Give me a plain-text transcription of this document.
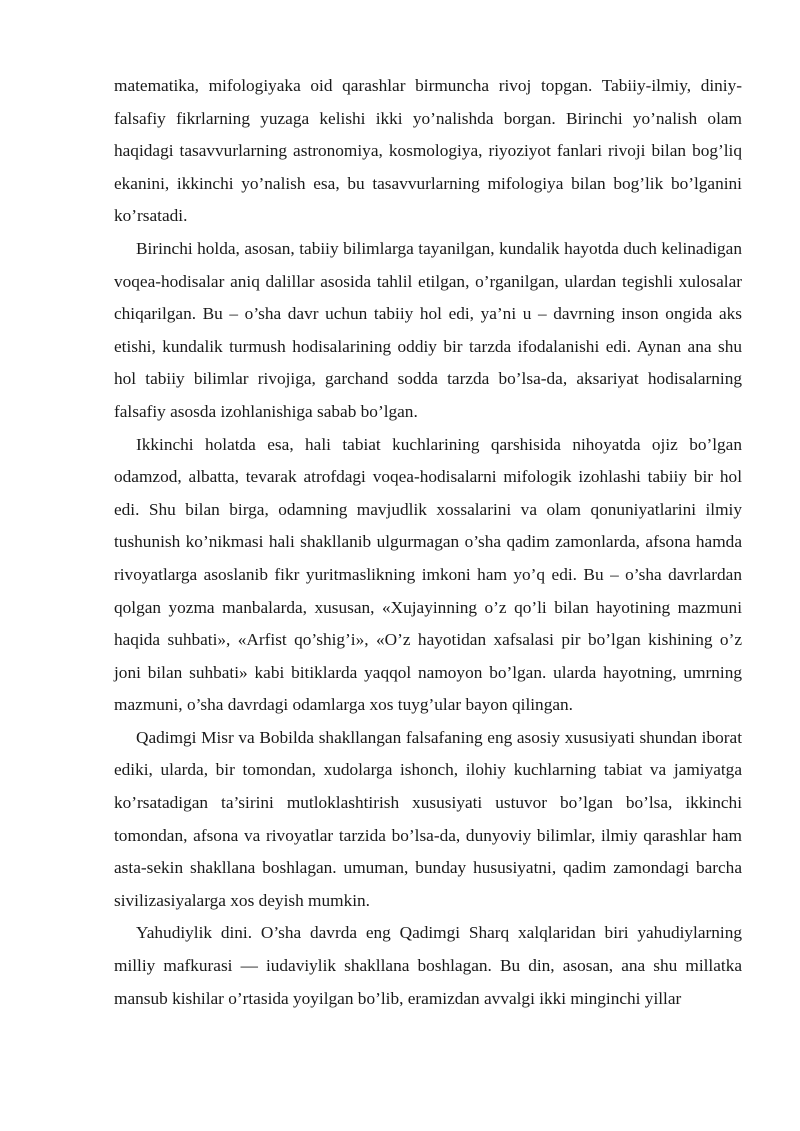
matematika, mifologiyaka oid qarashlar birmuncha rivoj topgan. Tabiiy-ilmiy, diniy-falsafiy fikrlarning yuzaga kelishi ikki yo’nalishda borgan. Birinchi yo’nalish olam haqidagi tasavvurlarning astronomiya, kosmologiya, riyoziyot fanlari rivoji bilan bog’liq ekanini, ikkinchi yo’nalish esa, bu tasavvurlarning mifologiya bilan bog’lik bo’lganini ko’rsatadi.

Birinchi holda, asosan, tabiiy bilimlarga tayanilgan, kundalik hayotda duch kelinadigan voqea-hodisalar aniq dalillar asosida tahlil etilgan, o’rganilgan, ulardan tegishli xulosalar chiqarilgan. Bu – o’sha davr uchun tabiiy hol edi, ya’ni u – davrning inson ongida aks etishi, kundalik turmush hodisalarining oddiy bir tarzda ifodalanishi edi. Aynan ana shu hol tabiiy bilimlar rivojiga, garchand sodda tarzda bo’lsa-da, aksariyat hodisalarning falsafiy asosda izohlanishiga sabab bo’lgan.

Ikkinchi holatda esa, hali tabiat kuchlarining qarshisida nihoyatda ojiz bo’lgan odamzod, albatta, tevarak atrofdagi voqea-hodisalarni mifologik izohlashi tabiiy bir hol edi. Shu bilan birga, odamning mavjudlik xossalarini va olam qonuniyatlarini ilmiy tushunish ko’nikmasi hali shakllanib ulgurmagan o’sha qadim zamonlarda, afsona hamda rivoyatlarga asoslanib fikr yuritmaslikning imkoni ham yo’q edi. Bu – o’sha davrlardan qolgan yozma manbalarda, xususan, «Xujayinning o’z qo’li bilan hayotining mazmuni haqida suhbati», «Arfist qo’shig’i», «O’z hayotidan xafsalasi pir bo’lgan kishining o’z joni bilan suhbati» kabi bitiklarda yaqqol namoyon bo’lgan. ularda hayotning, umrning mazmuni, o’sha davrdagi odamlarga xos tuyg’ular bayon qilingan.

Qadimgi Misr va Bobilda shakllangan falsafaning eng asosiy xususiyati shundan iborat ediki, ularda, bir tomondan, xudolarga ishonch, ilohiy kuchlarning tabiat va jamiyatga ko’rsatadigan ta’sirini mutloklashtirish xususiyati ustuvor bo’lgan bo’lsa, ikkinchi tomondan, afsona va rivoyatlar tarzida bo’lsa-da, dunyoviy bilimlar, ilmiy qarashlar ham asta-sekin shakllana boshlagan. umuman, bunday hususiyatni, qadim zamondagi barcha sivilizasiyalarga xos deyish mumkin.

Yahudiylik dini. O’sha davrda eng Qadimgi Sharq xalqlaridan biri yahudiylarning milliy mafkurasi — iudaviylik shakllana boshlagan. Bu din, asosan, ana shu millatka mansub kishilar o’rtasida yoyilgan bo’lib, eramizdan avvalgi ikki minginchi yillar
